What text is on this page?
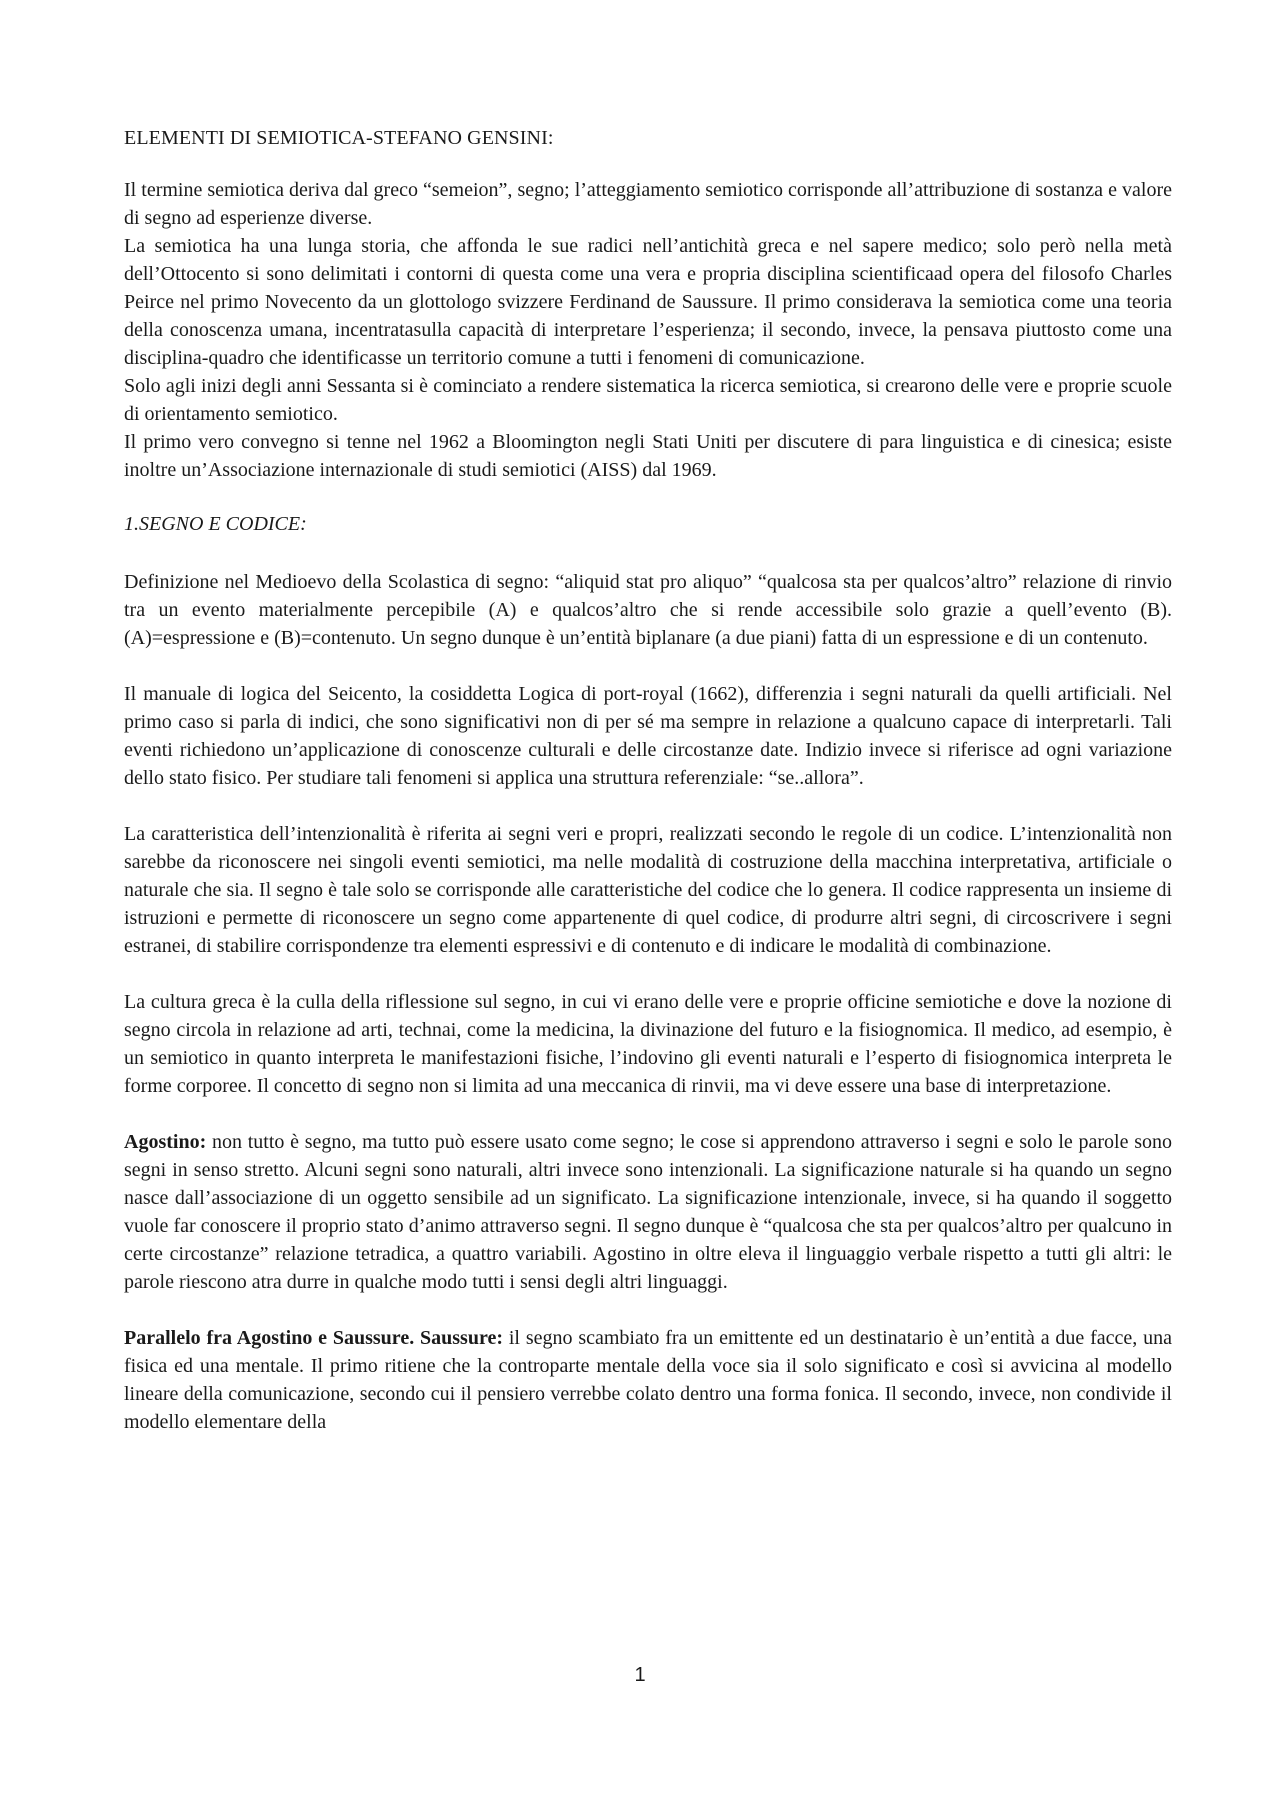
ELEMENTI DI SEMIOTICA-STEFANO GENSINI:

Il termine semiotica deriva dal greco “semeion”, segno; l’atteggiamento semiotico corrisponde all’attribuzione di sostanza e valore di segno ad esperienze diverse.

La semiotica ha una lunga storia, che affonda le sue radici nell’antichità greca e nel sapere medico; solo però nella metà dell’Ottocento si sono delimitati i contorni di questa come una vera e propria disciplina scientificaad opera del filosofo Charles Peirce nel primo Novecento da un glottologo svizzere Ferdinand de Saussure. Il primo considerava la semiotica come una teoria della conoscenza umana, incentratasulla capacità di interpretare l’esperienza; il secondo, invece, la pensava piuttosto come una disciplina-quadro che identificasse un territorio comune a tutti i fenomeni di comunicazione.

Solo agli inizi degli anni Sessanta si è cominciato a rendere sistematica la ricerca semiotica, si crearono delle vere e proprie scuole di orientamento semiotico.

Il primo vero convegno si tenne nel 1962 a Bloomington negli Stati Uniti per discutere di para linguistica e di cinesica; esiste inoltre un’Associazione internazionale di studi semiotici (AISS) dal 1969.

1.SEGNO E CODICE:

Definizione nel Medioevo della Scolastica di segno: “aliquid stat pro aliquo” “qualcosa sta per qualcos’altro” relazione di rinvio tra un evento materialmente percepibile (A) e qualcos’altro che si rende accessibile solo grazie a quell’evento (B). (A)=espressione e (B)=contenuto. Un segno dunque è un’entità biplanare (a due piani) fatta di un espressione e di un contenuto.

Il manuale di logica del Seicento, la cosiddetta Logica di port-royal (1662), differenzia i segni naturali da quelli artificiali. Nel primo caso si parla di indici, che sono significativi non di per sé ma sempre in relazione a qualcuno capace di interpretarli. Tali eventi richiedono un’applicazione di conoscenze culturali e delle circostanze date. Indizio invece si riferisce ad ogni variazione dello stato fisico. Per studiare tali fenomeni si applica una struttura referenziale: “se..allora”.

La caratteristica dell’intenzionalità è riferita ai segni veri e propri, realizzati secondo le regole di un codice. L’intenzionalità non sarebbe da riconoscere nei singoli eventi semiotici, ma nelle modalità di costruzione della macchina interpretativa, artificiale o naturale che sia. Il segno è tale solo se corrisponde alle caratteristiche del codice che lo genera. Il codice rappresenta un insieme di istruzioni e permette di riconoscere un segno come appartenente di quel codice, di produrre altri segni, di circoscrivere i segni estranei, di stabilire corrispondenze tra elementi espressivi e di contenuto e di indicare le modalità di combinazione.

La cultura greca è la culla della riflessione sul segno, in cui vi erano delle vere e proprie officine semiotiche e dove la nozione di segno circola in relazione ad arti, technai, come la medicina, la divinazione del futuro e la fisiognomica. Il medico, ad esempio, è un semiotico in quanto interpreta le manifestazioni fisiche, l’indovino gli eventi naturali e l’esperto di fisiognomica interpreta le forme corporee. Il concetto di segno non si limita ad una meccanica di rinvii, ma vi deve essere una base di interpretazione.

Agostino: non tutto è segno, ma tutto può essere usato come segno; le cose si apprendono attraverso i segni e solo le parole sono segni in senso stretto. Alcuni segni sono naturali, altri invece sono intenzionali. La significazione naturale si ha quando un segno nasce dall’associazione di un oggetto sensibile ad un significato. La significazione intenzionale, invece, si ha quando il soggetto vuole far conoscere il proprio stato d’animo attraverso segni. Il segno dunque è “qualcosa che sta per qualcos’altro per qualcuno in certe circostanze” relazione tetradica, a quattro variabili. Agostino in oltre eleva il linguaggio verbale rispetto a tutti gli altri: le parole riescono atra durre in qualche modo tutti i sensi degli altri linguaggi.

Parallelo fra Agostino e Saussure. Saussure: il segno scambiato fra un emittente ed un destinatario è un’entità a due facce, una fisica ed una mentale. Il primo ritiene che la controparte mentale della voce sia il solo significato e così si avvicina al modello lineare della comunicazione, secondo cui il pensiero verrebbe colato dentro una forma fonica. Il secondo, invece, non condivide il modello elementare della

1
